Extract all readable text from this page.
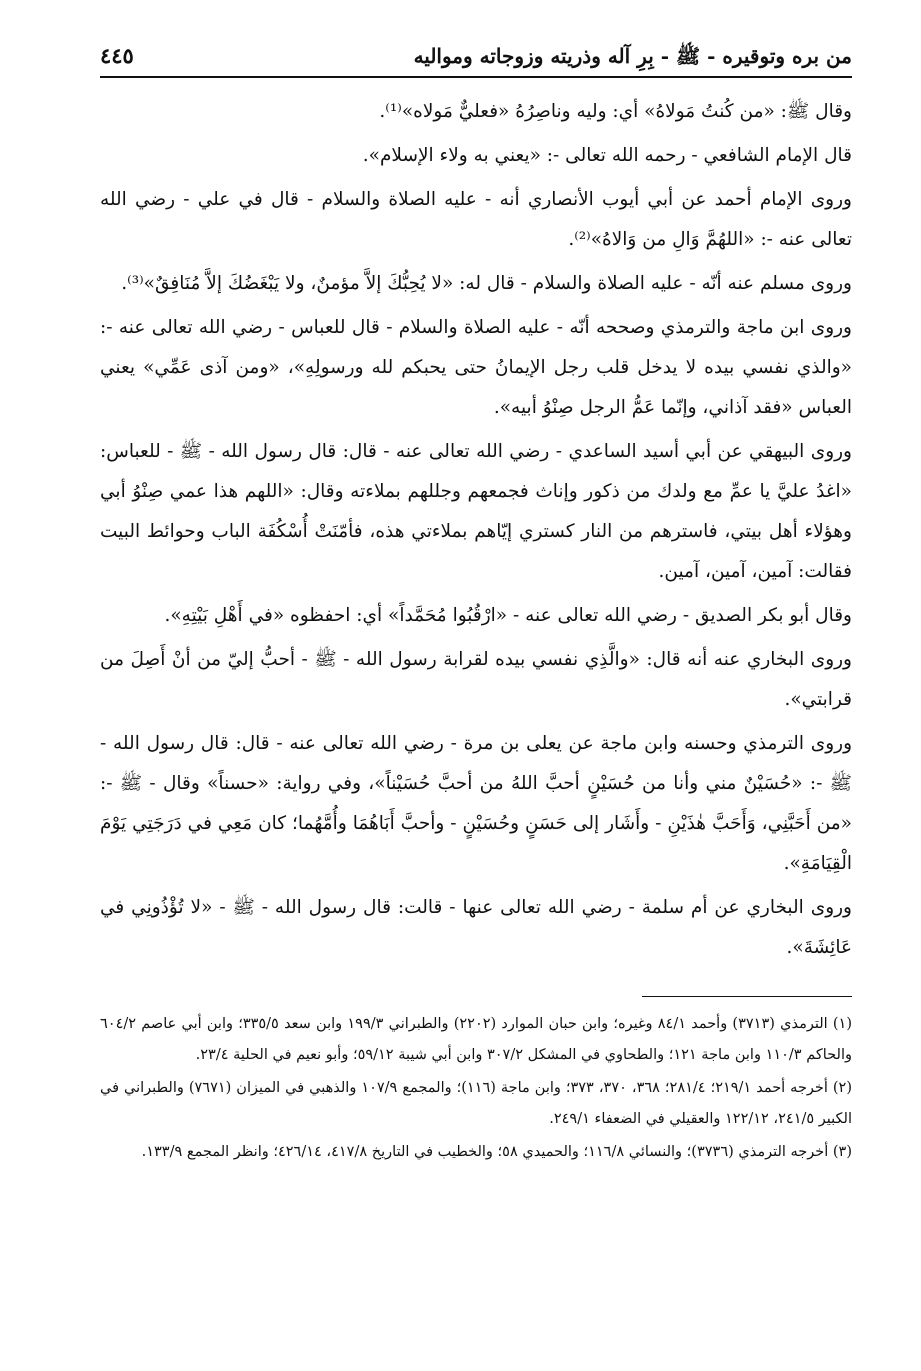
من بره وتوقيره - ﷺ - بِرِ آله وذريته وزوجاته ومواليه
٤٤٥

وقال ﷺ: «من كُنتُ مَولاهُ» أي: وليه وناصِرُهُ «فعليٌّ مَولاه»⁽¹⁾.

قال الإمام الشافعي - رحمه الله تعالى -: «يعني به ولاء الإسلام».

وروى الإمام أحمد عن أبي أيوب الأنصاري أنه - عليه الصلاة والسلام - قال في علي - رضي الله تعالى عنه -: «اللهُمَّ وَالِ من وَالاهُ»⁽²⁾.

وروى مسلم عنه أنّه - عليه الصلاة والسلام - قال له: «لا يُحِبُّكَ إلاَّ مؤمنٌ، ولا يَبْغَضُكَ إلاَّ مُنَافِقٌ»⁽³⁾.

وروى ابن ماجة والترمذي وصححه أنّه - عليه الصلاة والسلام - قال للعباس - رضي الله تعالى عنه -: «والذي نفسي بيده لا يدخل قلب رجل الإيمانُ حتى يحبكم لله ورسولِهِ»، «ومن آذى عَمِّي» يعني العباس «فقد آذاني، وإنّما عَمُّ الرجل صِنْوُ أبيه».

وروى البيهقي عن أبي أسيد الساعدي - رضي الله تعالى عنه - قال: قال رسول الله - ﷺ - للعباس: «اغدُ عليَّ يا عمِّ مع ولدك من ذكور وإناث فجمعهم وجللهم بملاءته وقال: «اللهم هذا عمي صِنْوُ أبي وهؤلاء أهل بيتي، فاسترهم من النار كستري إيّاهم بملاءتي هذه، فأمّنَتْ أُسْكُفَة الباب وحوائط البيت فقالت: آمين، آمين، آمين.

وقال أبو بكر الصديق - رضي الله تعالى عنه - «ارْقُبُوا مُحَمَّداً» أي: احفظوه «في أَهْلِ بَيْتِهِ».

وروى البخاري عنه أنه قال: «والَّذِي نفسي بيده لقرابة رسول الله - ﷺ - أحبُّ إليّ من أنْ أَصِلَ من قرابتي».

وروى الترمذي وحسنه وابن ماجة عن يعلى بن مرة - رضي الله تعالى عنه - قال: قال رسول الله - ﷺ -: «حُسَيْنٌ مني وأنا من حُسَيْنٍ أحبَّ اللهُ من أحبَّ حُسَيْناً»، وفي رواية: «حسناً» وقال - ﷺ -: «من أَحَبَّنِي، وَأَحَبَّ هٰذَيْنِ - وأَشَار إلى حَسَنٍ وحُسَيْنٍ - وأحبَّ أَبَاهُمَا وأُمَّهُما؛ كان مَعِي في دَرَجَتِي يَوْمَ الْقِيَامَةِ».

وروى البخاري عن أم سلمة - رضي الله تعالى عنها - قالت: قال رسول الله - ﷺ - «لا تُؤْذُونِي في عَائِشَةَ».

(١) الترمذي (٣٧١٣) وأحمد ٨٤/١ وغيره؛ وابن حبان الموارد (٢٢٠٢) والطبراني ١٩٩/٣ وابن سعد ٣٣٥/٥؛ وابن أبي عاصم ٦٠٤/٢ والحاكم ١١٠/٣ وابن ماجة ١٢١؛ والطحاوي في المشكل ٣٠٧/٢ وابن أبي شيبة ٥٩/١٢؛ وأبو نعيم في الحلية ٢٣/٤.

(٢) أخرجه أحمد ٢١٩/١؛ ٢٨١/٤؛ ٣٦٨، ٣٧٠، ٣٧٣؛ وابن ماجة (١١٦)؛ والمجمع ١٠٧/٩ والذهبي في الميزان (٧٦٧١) والطبراني في الكبير ٢٤١/٥، ١٢٢/١٢ والعقيلي في الضعفاء ٢٤٩/١.

(٣) أخرجه الترمذي (٣٧٣٦)؛ والنسائي ١١٦/٨؛ والحميدي ٥٨؛ والخطيب في التاريخ ٤١٧/٨، ٤٢٦/١٤؛ وانظر المجمع ١٣٣/٩.
